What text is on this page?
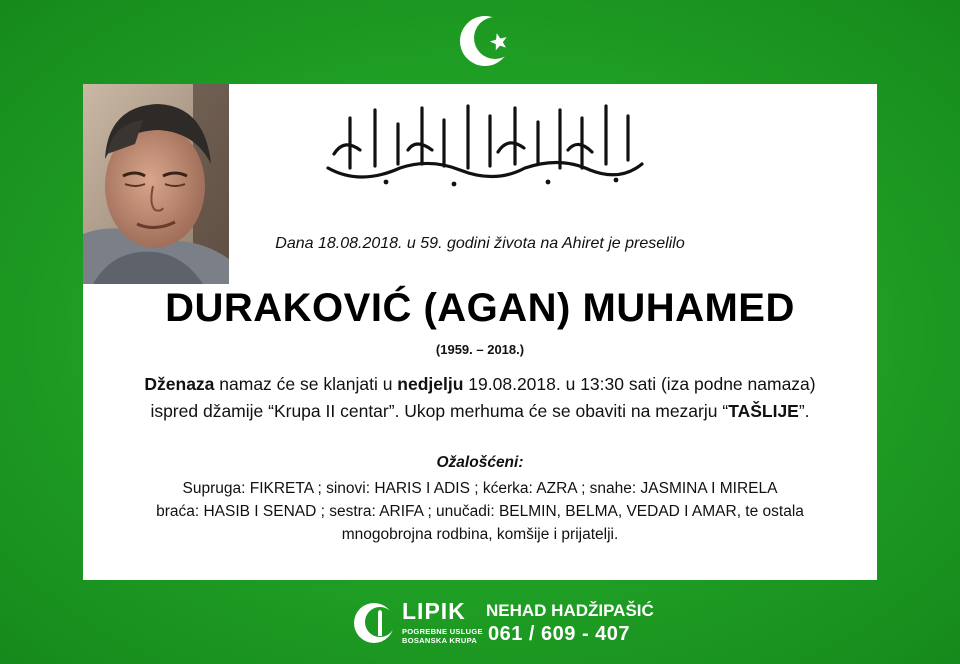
Dana 18.08.2018. u 59. godini života na Ahiret je preselilo
DURAKOVIĆ (AGAN) MUHAMED
(1959. – 2018.)
Dženaza namaz će se klanjati u nedjelju 19.08.2018. u 13:30 sati (iza podne namaza)
ispred džamije “Krupa II centar”. Ukop merhuma će se obaviti na mezarju “TAŠLIJE”.
Ožalošćeni:
Supruga: FIKRETA ; sinovi: HARIS I ADIS ; kćerka: AZRA ; snahe: JASMINA I MIRELA
braća: HASIB I SENAD ; sestra: ARIFA ; unučadi: BELMIN, BELMA, VEDAD I AMAR, te ostala
mnogobrojna rodbina, komšije i prijatelji.
LIPIK
POGREBNE USLUGE
BOSANSKA KRUPA
NEHAD HADŽIPAŠIĆ
061 / 609 - 407
